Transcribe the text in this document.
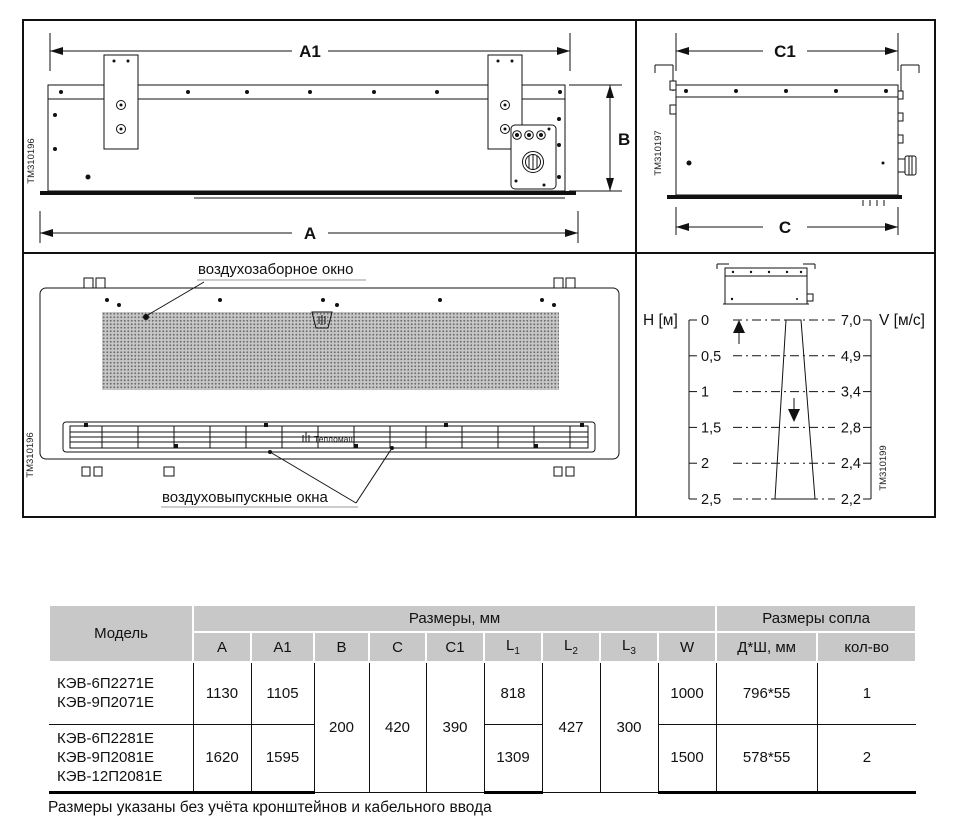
A1
B
A
TM310196
C1
C
TM310197
воздухозаборное окно
Тепломаш
воздуховыпускные окна
TM310196
H [м] 0
0,5
1
1,5
2
2,5
7,0
4,9
3,4
2,8
2,4
2,2
V [м/с]
TM310199
Модель	Размеры, мм									Размеры сопла	
	A	A1	B	C	C1	$L_1$	$L_2$	$L_3$	W	Д*Ш, мм	кол-во

КЭВ-6П2271Е
КЭВ-9П2071Е	1130	1105	200	420	390	818	427	300	1000	796*55	1

КЭВ-6П2281Е
КЭВ-9П2081Е
КЭВ-12П2081Е	1620	1595				1309			1500	578*55	2
Размеры указаны без учёта кронштейнов и кабельного ввода
